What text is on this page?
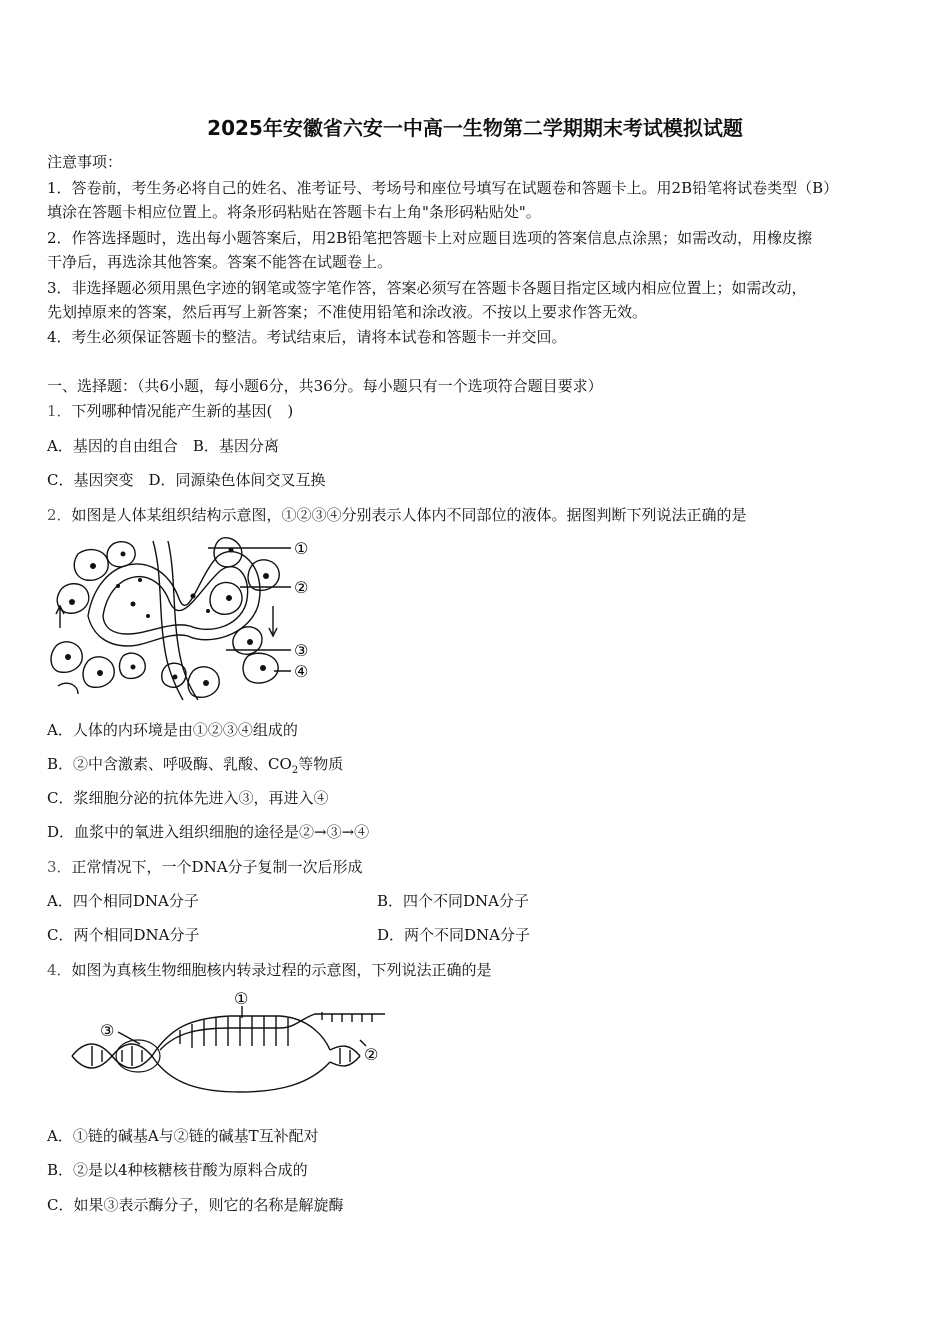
2025年安徽省六安一中高一生物第二学期期末考试模拟试题
注意事项：
1．答卷前，考生务必将自己的姓名、准考证号、考场号和座位号填写在试题卷和答题卡上。用2B铅笔将试卷类型（B）
填涂在答题卡相应位置上。将条形码粘贴在答题卡右上角"条形码粘贴处"。
2．作答选择题时，选出每小题答案后，用2B铅笔把答题卡上对应题目选项的答案信息点涂黑；如需改动，用橡皮擦
干净后，再选涂其他答案。答案不能答在试题卷上。
3．非选择题必须用黑色字迹的钢笔或签字笔作答，答案必须写在答题卡各题目指定区域内相应位置上；如需改动，
先划掉原来的答案，然后再写上新答案；不准使用铅笔和涂改液。不按以上要求作答无效。
4．考生必须保证答题卡的整洁。考试结束后，请将本试卷和答题卡一并交回。
一、选择题：（共6小题，每小题6分，共36分。每小题只有一个选项符合题目要求）
1．下列哪种情况能产生新的基因(　)
A．基因的自由组合　B．基因分离
C．基因突变　D．同源染色体间交叉互换
2．如图是人体某组织结构示意图，①②③④分别表示人体内不同部位的液体。据图判断下列说法正确的是
①
②
③
④
A．人体的内环境是由①②③④组成的
B．②中含激素、呼吸酶、乳酸、$CO_2$等物质
C．浆细胞分泌的抗体先进入③，再进入④
D．血浆中的氧进入组织细胞的途径是②→③→④
3．正常情况下，一个DNA分子复制一次后形成
A．四个相同DNA分子	B．四个不同DNA分子
C．两个相同DNA分子	D．两个不同DNA分子
4．如图为真核生物细胞核内转录过程的示意图，下列说法正确的是
①
②
③
A．①链的碱基A与②链的碱基T互补配对
B．②是以4种核糖核苷酸为原料合成的
C．如果③表示酶分子，则它的名称是解旋酶
